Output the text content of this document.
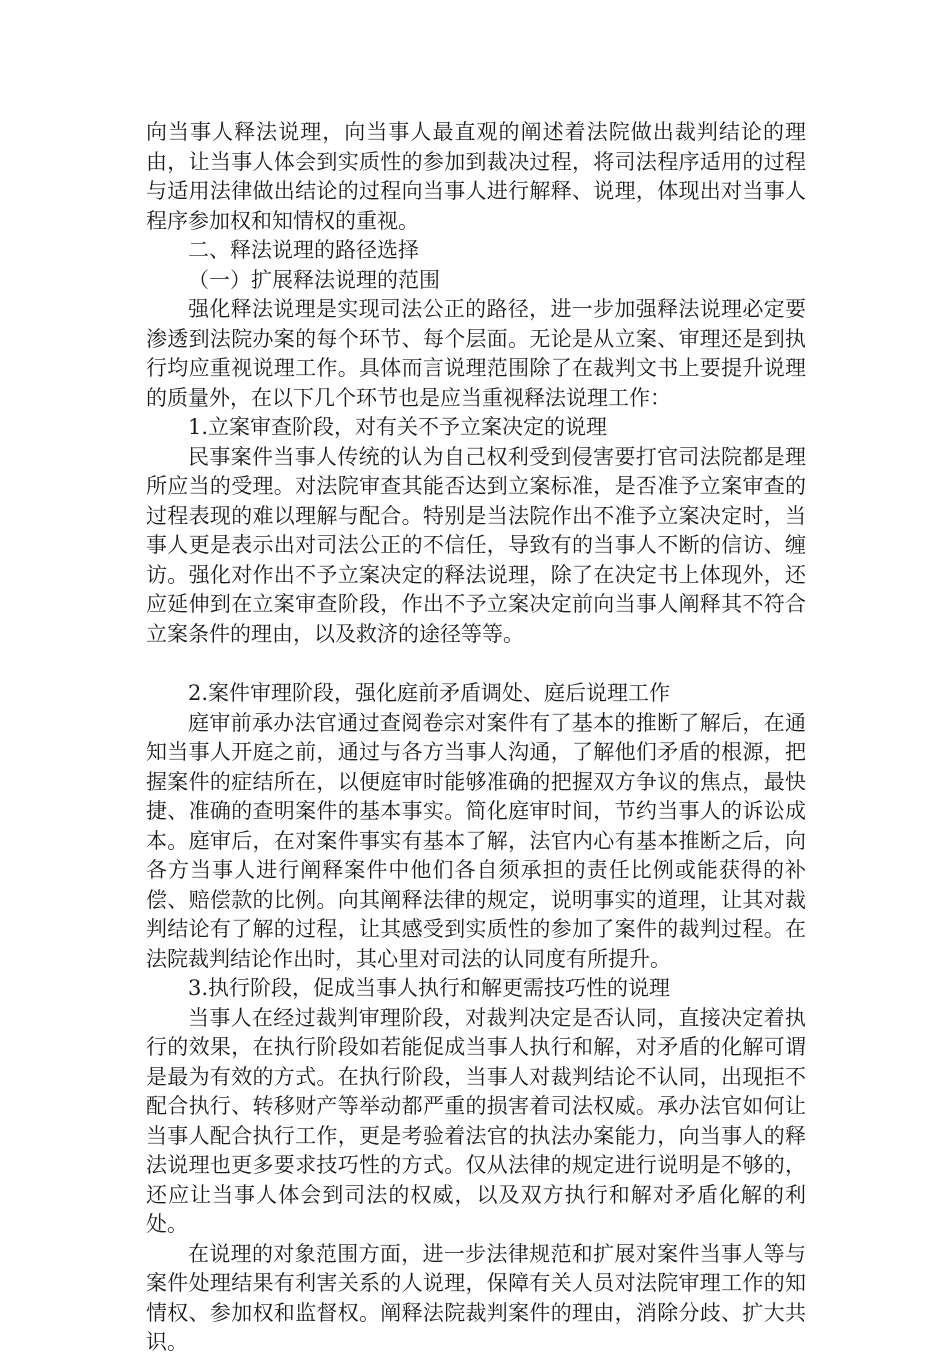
向当事人释法说理，向当事人最直观的阐述着法院做出裁判结论的理由，让当事人体会到实质性的参加到裁决过程，将司法程序适用的过程与适用法律做出结论的过程向当事人进行解释、说理，体现出对当事人程序参加权和知情权的重视。

二、释法说理的路径选择

（一）扩展释法说理的范围

强化释法说理是实现司法公正的路径，进一步加强释法说理必定要渗透到法院办案的每个环节、每个层面。无论是从立案、审理还是到执行均应重视说理工作。具体而言说理范围除了在裁判文书上要提升说理的质量外，在以下几个环节也是应当重视释法说理工作：

1.立案审查阶段，对有关不予立案决定的说理

民事案件当事人传统的认为自己权利受到侵害要打官司法院都是理所应当的受理。对法院审查其能否达到立案标准，是否准予立案审查的过程表现的难以理解与配合。特别是当法院作出不准予立案决定时，当事人更是表示出对司法公正的不信任，导致有的当事人不断的信访、缠访。强化对作出不予立案决定的释法说理，除了在决定书上体现外，还应延伸到在立案审查阶段，作出不予立案决定前向当事人阐释其不符合立案条件的理由，以及救济的途径等等。

2.案件审理阶段，强化庭前矛盾调处、庭后说理工作

庭审前承办法官通过查阅卷宗对案件有了基本的推断了解后，在通知当事人开庭之前，通过与各方当事人沟通，了解他们矛盾的根源，把握案件的症结所在，以便庭审时能够准确的把握双方争议的焦点，最快捷、准确的查明案件的基本事实。简化庭审时间，节约当事人的诉讼成本。庭审后，在对案件事实有基本了解，法官内心有基本推断之后，向各方当事人进行阐释案件中他们各自须承担的责任比例或能获得的补偿、赔偿款的比例。向其阐释法律的规定，说明事实的道理，让其对裁判结论有了解的过程，让其感受到实质性的参加了案件的裁判过程。在法院裁判结论作出时，其心里对司法的认同度有所提升。

3.执行阶段，促成当事人执行和解更需技巧性的说理

当事人在经过裁判审理阶段，对裁判决定是否认同，直接决定着执行的效果，在执行阶段如若能促成当事人执行和解，对矛盾的化解可谓是最为有效的方式。在执行阶段，当事人对裁判结论不认同，出现拒不配合执行、转移财产等举动都严重的损害着司法权威。承办法官如何让当事人配合执行工作，更是考验着法官的执法办案能力，向当事人的释法说理也更多要求技巧性的方式。仅从法律的规定进行说明是不够的，还应让当事人体会到司法的权威，以及双方执行和解对矛盾化解的利处。

在说理的对象范围方面，进一步法律规范和扩展对案件当事人等与案件处理结果有利害关系的人说理，保障有关人员对法院审理工作的知情权、参加权和监督权。阐释法院裁判案件的理由，消除分歧、扩大共识。
